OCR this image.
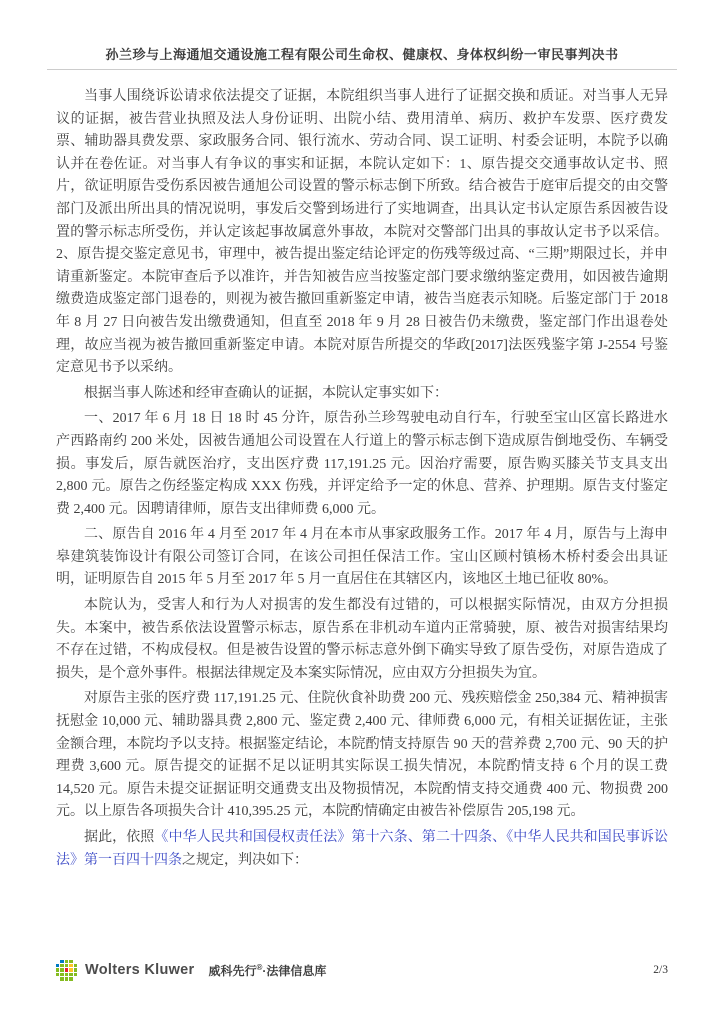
孙兰珍与上海通旭交通设施工程有限公司生命权、健康权、身体权纠纷一审民事判决书

当事人围绕诉讼请求依法提交了证据，本院组织当事人进行了证据交换和质证。对当事人无异议的证据，被告营业执照及法人身份证明、出院小结、费用清单、病历、救护车发票、医疗费发票、辅助器具费发票、家政服务合同、银行流水、劳动合同、误工证明、村委会证明，本院予以确认并在卷佐证。对当事人有争议的事实和证据，本院认定如下：1、原告提交交通事故认定书、照片，欲证明原告受伤系因被告通旭公司设置的警示标志倒下所致。结合被告于庭审后提交的由交警部门及派出所出具的情况说明，事发后交警到场进行了实地调查，出具认定书认定原告系因被告设置的警示标志所受伤，并认定该起事故属意外事故，本院对交警部门出具的事故认定书予以采信。2、原告提交鉴定意见书，审理中，被告提出鉴定结论评定的伤残等级过高、“三期”期限过长，并申请重新鉴定。本院审查后予以准许，并告知被告应当按鉴定部门要求缴纳鉴定费用，如因被告逾期缴费造成鉴定部门退卷的，则视为被告撤回重新鉴定申请，被告当庭表示知晓。后鉴定部门于 2018 年 8 月 27 日向被告发出缴费通知，但直至 2018 年 9 月 28 日被告仍未缴费，鉴定部门作出退卷处理，故应当视为被告撤回重新鉴定申请。本院对原告所提交的华政[2017]法医残鉴字第 J-2554 号鉴定意见书予以采纳。

根据当事人陈述和经审查确认的证据，本院认定事实如下：

一、2017 年 6 月 18 日 18 时 45 分许，原告孙兰珍驾驶电动自行车，行驶至宝山区富长路进水产西路南约 200 米处，因被告通旭公司设置在人行道上的警示标志倒下造成原告倒地受伤、车辆受损。事发后，原告就医治疗，支出医疗费 117,191.25 元。因治疗需要，原告购买膝关节支具支出 2,800 元。原告之伤经鉴定构成 XXX 伤残，并评定给予一定的休息、营养、护理期。原告支付鉴定费 2,400 元。因聘请律师，原告支出律师费 6,000 元。

二、原告自 2016 年 4 月至 2017 年 4 月在本市从事家政服务工作。2017 年 4 月，原告与上海申皋建筑装饰设计有限公司签订合同，在该公司担任保洁工作。宝山区顾村镇杨木桥村委会出具证明，证明原告自 2015 年 5 月至 2017 年 5 月一直居住在其辖区内，该地区土地已征收 80%。

本院认为，受害人和行为人对损害的发生都没有过错的，可以根据实际情况，由双方分担损失。本案中，被告系依法设置警示标志，原告系在非机动车道内正常骑驶，原、被告对损害结果均不存在过错，不构成侵权。但是被告设置的警示标志意外倒下确实导致了原告受伤，对原告造成了损失，是个意外事件。根据法律规定及本案实际情况，应由双方分担损失为宜。

对原告主张的医疗费 117,191.25 元、住院伙食补助费 200 元、残疾赔偿金 250,384 元、精神损害抚慰金 10,000 元、辅助器具费 2,800 元、鉴定费 2,400 元、律师费 6,000 元，有相关证据佐证，主张金额合理，本院均予以支持。根据鉴定结论，本院酌情支持原告 90 天的营养费 2,700 元、90 天的护理费 3,600 元。原告提交的证据不足以证明其实际误工损失情况，本院酌情支持 6 个月的误工费 14,520 元。原告未提交证据证明交通费支出及物损情况，本院酌情支持交通费 400 元、物损费 200 元。以上原告各项损失合计 410,395.25 元，本院酌情确定由被告补偿原告 205,198 元。

据此，依照《中华人民共和国侵权责任法》第十六条、第二十四条、《中华人民共和国民事诉讼法》第一百四十四条之规定，判决如下：

Wolters Kluwer 威科先行®·法律信息库	2/3
